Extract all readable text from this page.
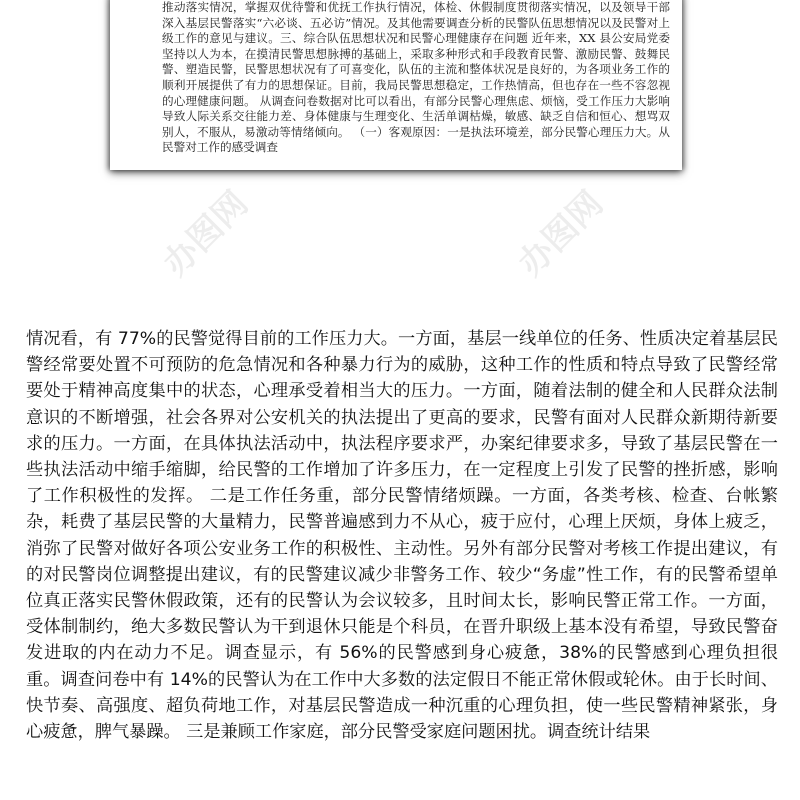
推动落实情况，掌握双优待警和优抚工作执行情况，体检、休假制度贯彻落实情况，以及领导干部深入基层民警落实“六必谈、五必访”情况。及其他需要调查分析的民警队伍思想情况以及民警对上级工作的意见与建议。三、综合队伍思想状况和民警心理健康存在问题 近年来，XX 县公安局党委坚持以人为本，在摸清民警思想脉搏的基础上，采取多种形式和手段教育民警、激励民警、鼓舞民警、塑造民警，民警思想状况有了可喜变化，队伍的主流和整体状况是良好的，为各项业务工作的顺利开展提供了有力的思想保证。目前，我局民警思想稳定，工作热情高，但也存在一些不容忽视的心理健康问题。 从调查问卷数据对比可以看出，有部分民警心理焦虑、烦恼，受工作压力大影响导致人际关系交往能力差、身体健康与生理变化、生活单调枯燥，敏感、缺乏自信和恒心、想骂双别人，不服从，易激动等情绪倾向。 （一）客观原因：一是执法环境差，部分民警心理压力大。从民警对工作的感受调查

办图网	办图网

情况看，有 77%的民警觉得目前的工作压力大。一方面，基层一线单位的任务、性质决定着基层民警经常要处置不可预防的危急情况和各种暴力行为的威胁，这种工作的性质和特点导致了民警经常要处于精神高度集中的状态，心理承受着相当大的压力。一方面，随着法制的健全和人民群众法制意识的不断增强，社会各界对公安机关的执法提出了更高的要求，民警有面对人民群众新期待新要求的压力。一方面，在具体执法活动中，执法程序要求严，办案纪律要求多，导致了基层民警在一些执法活动中缩手缩脚，给民警的工作增加了许多压力，在一定程度上引发了民警的挫折感，影响了工作积极性的发挥。 二是工作任务重，部分民警情绪烦躁。一方面，各类考核、检查、台帐繁杂，耗费了基层民警的大量精力，民警普遍感到力不从心，疲于应付，心理上厌烦，身体上疲乏，消弥了民警对做好各项公安业务工作的积极性、主动性。另外有部分民警对考核工作提出建议，有的对民警岗位调整提出建议，有的民警建议减少非警务工作、较少“务虚”性工作，有的民警希望单位真正落实民警休假政策，还有的民警认为会议较多，且时间太长，影响民警正常工作。一方面，受体制制约，绝大多数民警认为干到退休只能是个科员，在晋升职级上基本没有希望，导致民警奋发进取的内在动力不足。调查显示，有 56%的民警感到身心疲惫，38%的民警感到心理负担很重。调查问卷中有 14%的民警认为在工作中大多数的法定假日不能正常休假或轮休。由于长时间、快节奏、高强度、超负荷地工作，对基层民警造成一种沉重的心理负担，使一些民警精神紧张，身心疲惫，脾气暴躁。 三是兼顾工作家庭，部分民警受家庭问题困扰。调查统计结果
